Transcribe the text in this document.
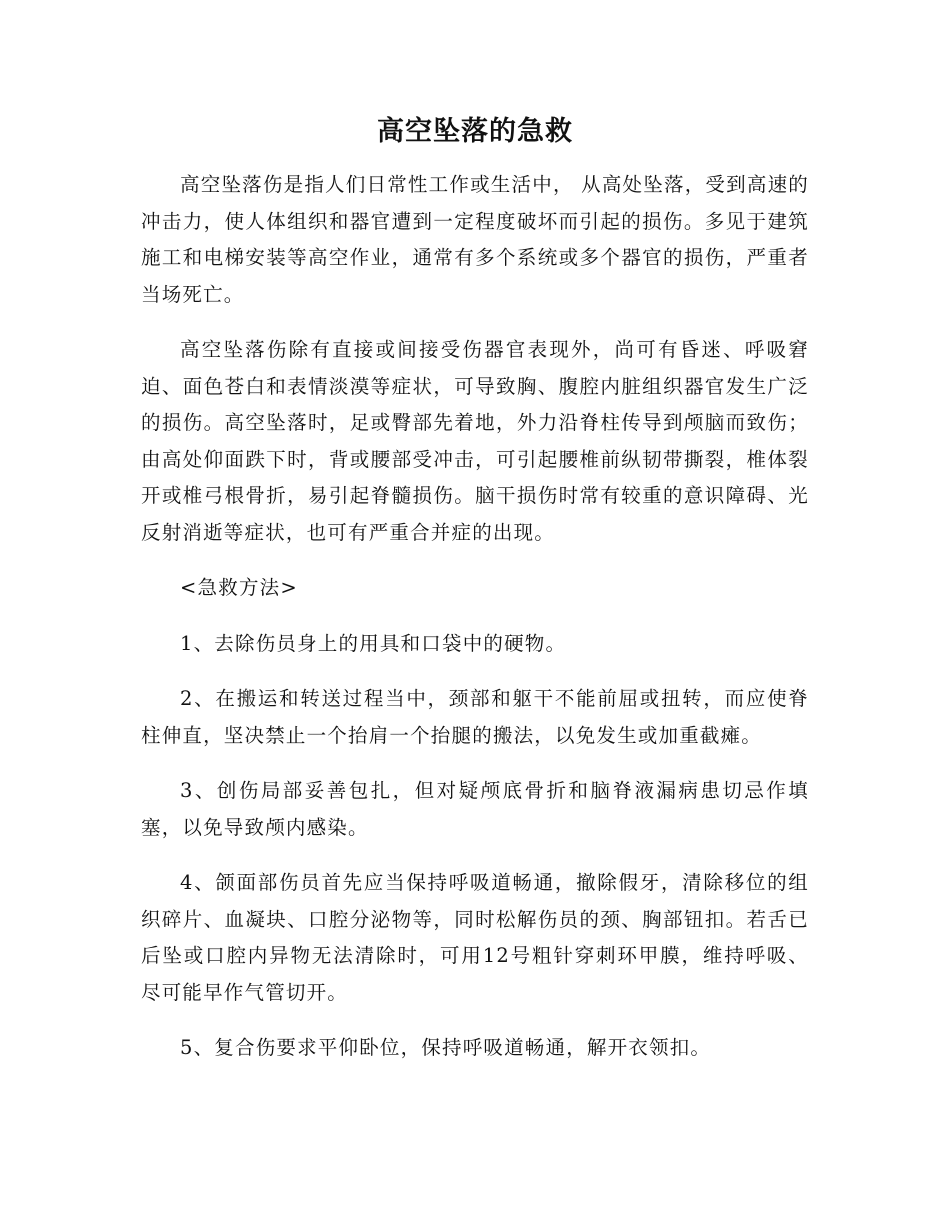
高空坠落的急救

高空坠落伤是指人们日常性工作或生活中， 从高处坠落，受到高速的冲击力，使人体组织和器官遭到一定程度破坏而引起的损伤。多见于建筑施工和电梯安装等高空作业，通常有多个系统或多个器官的损伤，严重者当场死亡。

高空坠落伤除有直接或间接受伤器官表现外，尚可有昏迷、呼吸窘迫、面色苍白和表情淡漠等症状，可导致胸、腹腔内脏组织器官发生广泛的损伤。高空坠落时，足或臀部先着地，外力沿脊柱传导到颅脑而致伤；由高处仰面跌下时，背或腰部受冲击，可引起腰椎前纵韧带撕裂，椎体裂开或椎弓根骨折，易引起脊髓损伤。脑干损伤时常有较重的意识障碍、光反射消逝等症状，也可有严重合并症的出现。

<急救方法>

1、去除伤员身上的用具和口袋中的硬物。

2、在搬运和转送过程当中，颈部和躯干不能前屈或扭转，而应使脊柱伸直，坚决禁止一个抬肩一个抬腿的搬法，以免发生或加重截瘫。

3、创伤局部妥善包扎，但对疑颅底骨折和脑脊液漏病患切忌作填塞，以免导致颅内感染。

4、颌面部伤员首先应当保持呼吸道畅通，撤除假牙，清除移位的组织碎片、血凝块、口腔分泌物等，同时松解伤员的颈、胸部钮扣。若舌已后坠或口腔内异物无法清除时，可用12号粗针穿刺环甲膜，维持呼吸、尽可能早作气管切开。

5、复合伤要求平仰卧位，保持呼吸道畅通，解开衣领扣。
